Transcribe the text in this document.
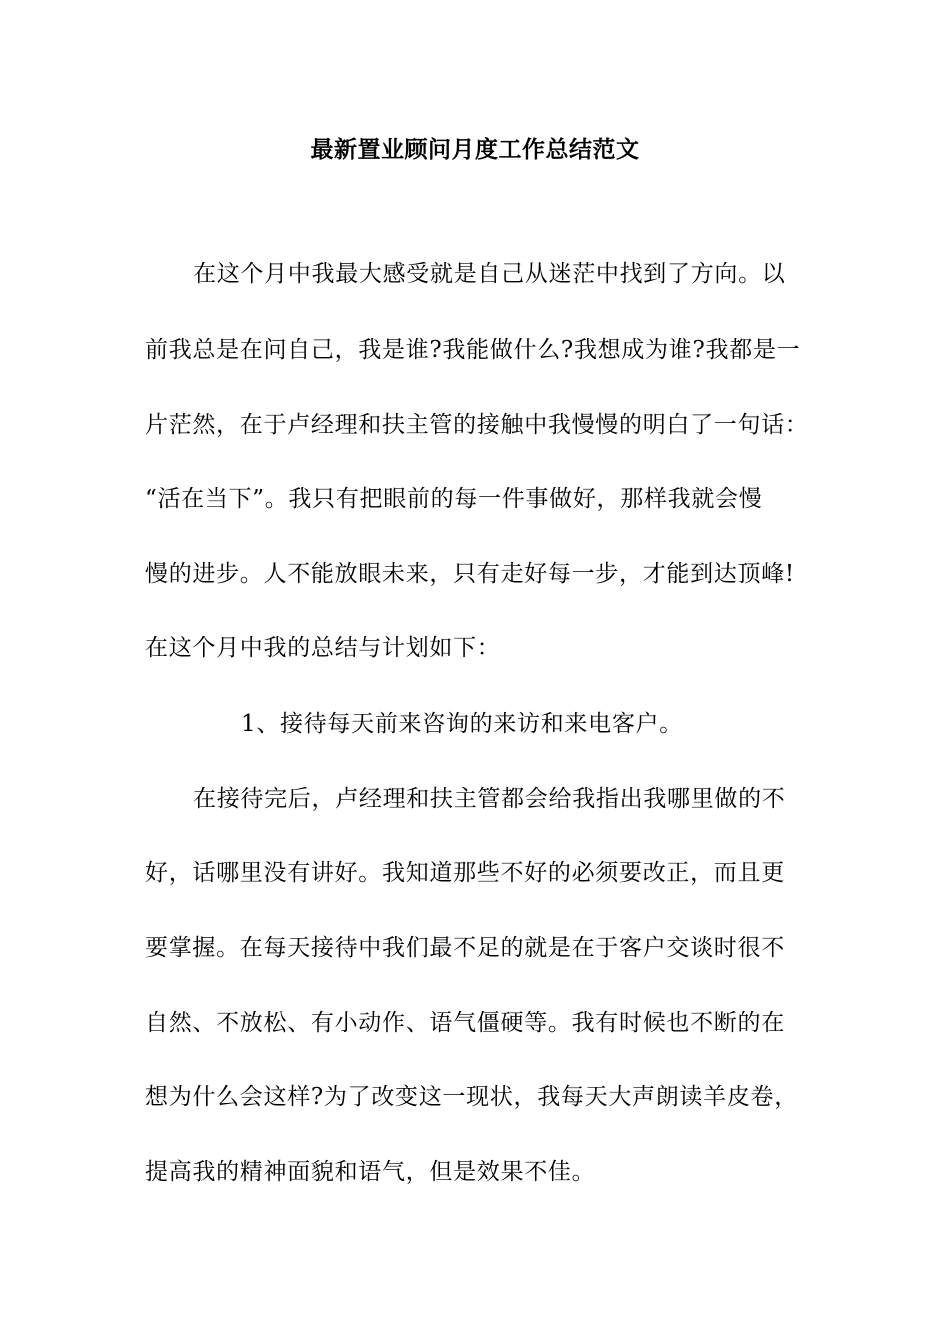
最新置业顾问月度工作总结范文
在这个月中我最大感受就是自己从迷茫中找到了方向。以
前我总是在问自己，我是谁?我能做什么?我想成为谁?我都是一
片茫然，在于卢经理和扶主管的接触中我慢慢的明白了一句话：
“活在当下”。我只有把眼前的每一件事做好，那样我就会慢
慢的进步。人不能放眼未来，只有走好每一步，才能到达顶峰!
在这个月中我的总结与计划如下：
1、接待每天前来咨询的来访和来电客户。
在接待完后，卢经理和扶主管都会给我指出我哪里做的不
好，话哪里没有讲好。我知道那些不好的必须要改正，而且更
要掌握。在每天接待中我们最不足的就是在于客户交谈时很不
自然、不放松、有小动作、语气僵硬等。我有时候也不断的在
想为什么会这样?为了改变这一现状，我每天大声朗读羊皮卷，
提高我的精神面貌和语气，但是效果不佳。
